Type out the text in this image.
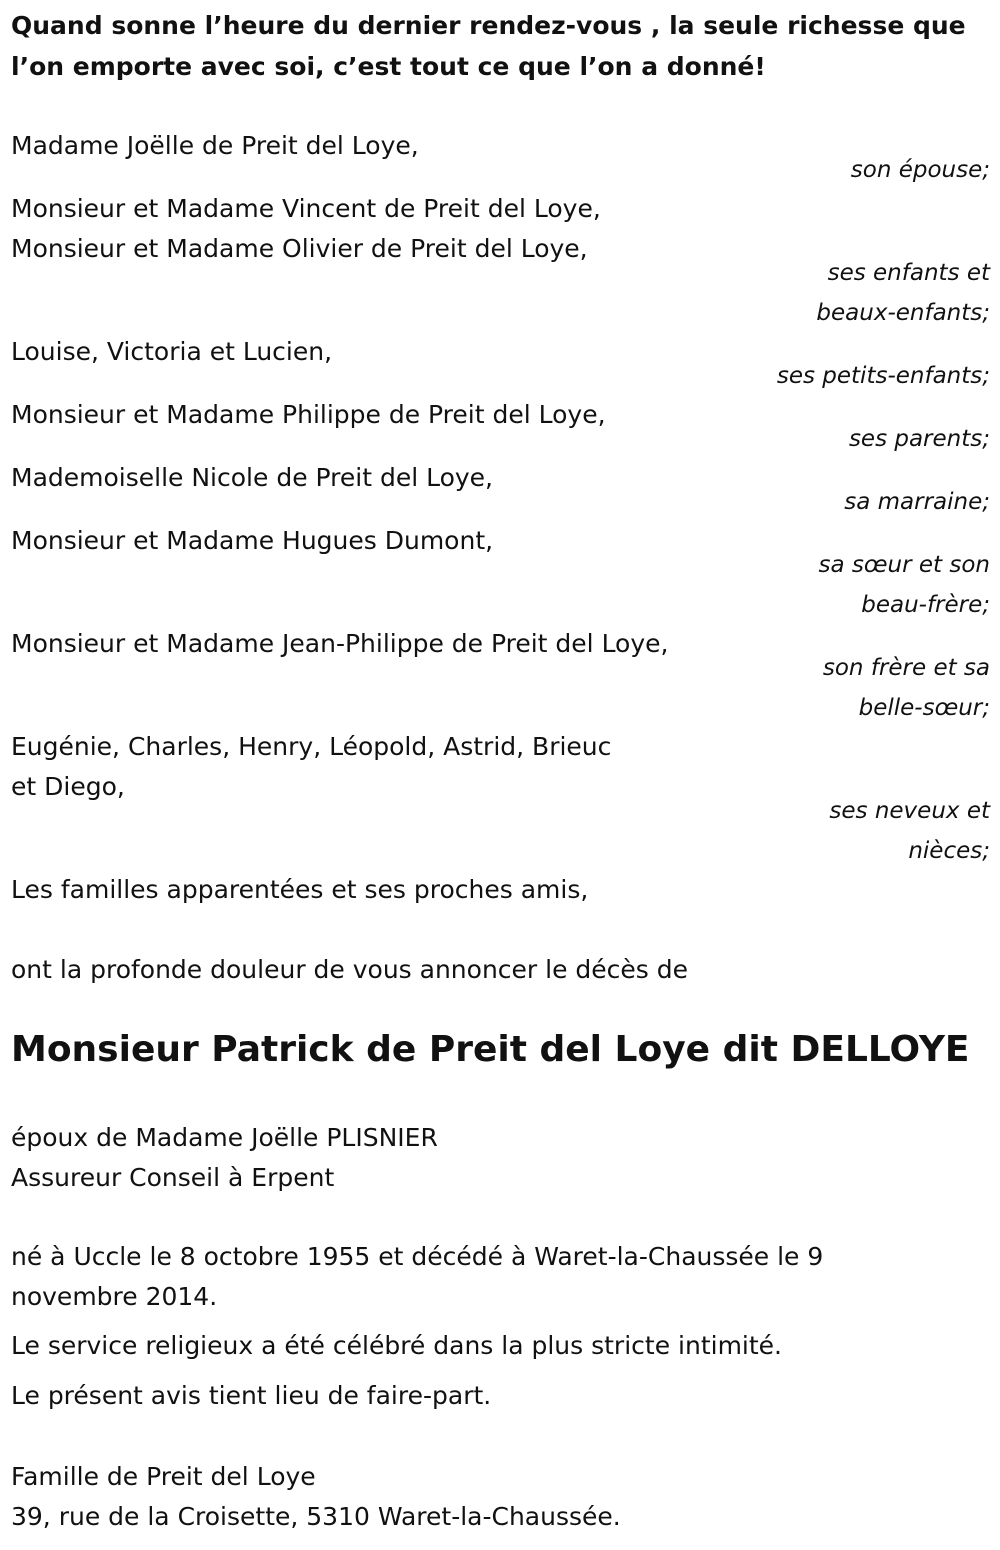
Quand sonne l’heure du dernier rendez-vous , la seule richesse que
l’on emporte avec soi, c’est tout ce que l’on a donné!
Madame Joëlle de Preit del Loye,
son épouse;
Monsieur et Madame Vincent de Preit del Loye,
Monsieur et Madame Olivier de Preit del Loye,
ses enfants et
beaux-enfants;
Louise, Victoria et Lucien,
ses petits-enfants;
Monsieur et Madame Philippe de Preit del Loye,
ses parents;
Mademoiselle Nicole de Preit del Loye,
sa marraine;
Monsieur et Madame Hugues Dumont,
sa sœur et son
beau-frère;
Monsieur et Madame Jean-Philippe de Preit del Loye,
son frère et sa
belle-sœur;
Eugénie, Charles, Henry, Léopold, Astrid, Brieuc
et Diego,
ses neveux et
nièces;
Les familles apparentées et ses proches amis,
ont la profonde douleur de vous annoncer le décès de
Monsieur Patrick de Preit del Loye dit DELLOYE
époux de Madame Joëlle PLISNIER
Assureur Conseil à Erpent
né à Uccle le 8 octobre 1955 et décédé à Waret-la-Chaussée le 9
novembre 2014.
Le service religieux a été célébré dans la plus stricte intimité.
Le présent avis tient lieu de faire-part.
Famille de Preit del Loye
39, rue de la Croisette, 5310 Waret-la-Chaussée.
